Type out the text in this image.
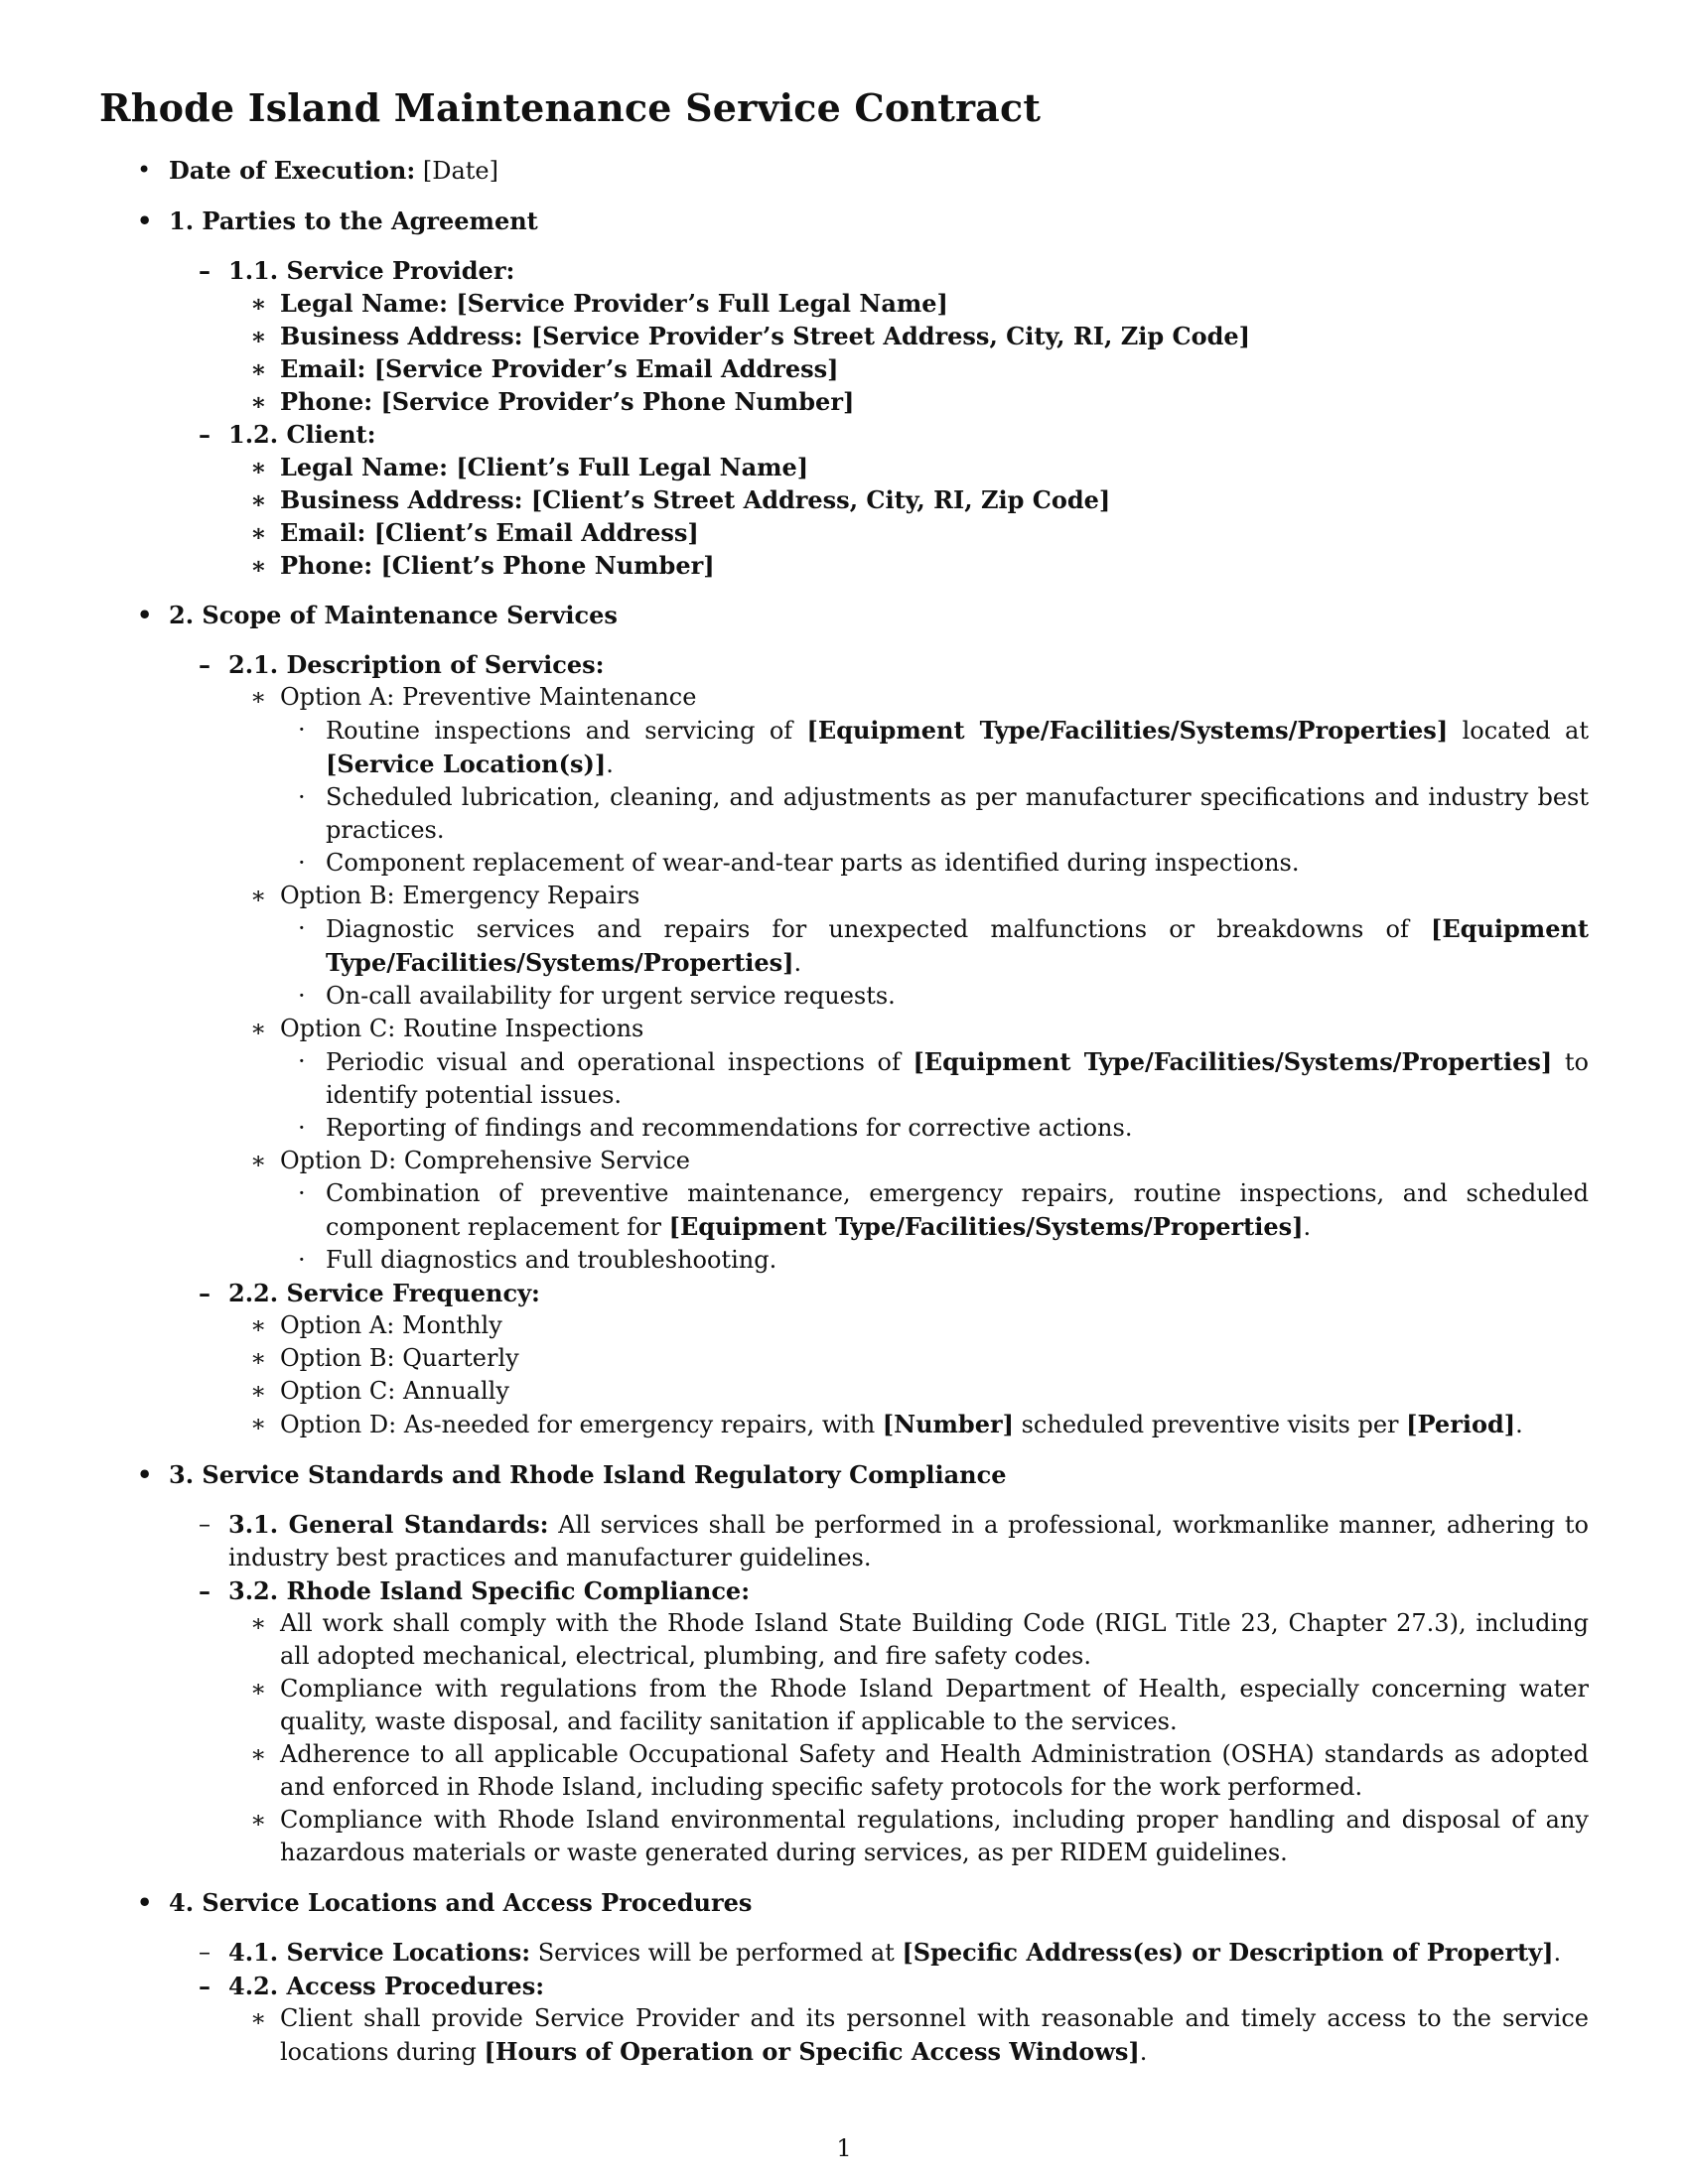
Rhode Island Maintenance Service Contract
• Date of Execution: [Date]
• 1. Parties to the Agreement
– 1.1. Service Provider:
∗ Legal Name: [Service Provider’s Full Legal Name]
∗ Business Address: [Service Provider’s Street Address, City, RI, Zip Code]
∗ Email: [Service Provider’s Email Address]
∗ Phone: [Service Provider’s Phone Number]
– 1.2. Client:
∗ Legal Name: [Client’s Full Legal Name]
∗ Business Address: [Client’s Street Address, City, RI, Zip Code]
∗ Email: [Client’s Email Address]
∗ Phone: [Client’s Phone Number]
• 2. Scope of Maintenance Services
– 2.1. Description of Services:
∗ Option A: Preventive Maintenance
· Routine inspections and servicing of [Equipment Type/Facilities/Systems/Properties] located at [Service Location(s)].
· Scheduled lubrication, cleaning, and adjustments as per manufacturer specifications and industry best practices.
· Component replacement of wear-and-tear parts as identified during inspections.
∗ Option B: Emergency Repairs
· Diagnostic services and repairs for unexpected malfunctions or breakdowns of [Equipment Type/Facilities/Systems/Properties].
· On-call availability for urgent service requests.
∗ Option C: Routine Inspections
· Periodic visual and operational inspections of [Equipment Type/Facilities/Systems/Properties] to identify potential issues.
· Reporting of findings and recommendations for corrective actions.
∗ Option D: Comprehensive Service
· Combination of preventive maintenance, emergency repairs, routine inspections, and scheduled component replacement for [Equipment Type/Facilities/Systems/Properties].
· Full diagnostics and troubleshooting.
– 2.2. Service Frequency:
∗ Option A: Monthly
∗ Option B: Quarterly
∗ Option C: Annually
∗ Option D: As-needed for emergency repairs, with [Number] scheduled preventive visits per [Period].
• 3. Service Standards and Rhode Island Regulatory Compliance
– 3.1. General Standards: All services shall be performed in a professional, workmanlike manner, adhering to industry best practices and manufacturer guidelines.
– 3.2. Rhode Island Specific Compliance:
∗ All work shall comply with the Rhode Island State Building Code (RIGL Title 23, Chapter 27.3), including all adopted mechanical, electrical, plumbing, and fire safety codes.
∗ Compliance with regulations from the Rhode Island Department of Health, especially concerning water quality, waste disposal, and facility sanitation if applicable to the services.
∗ Adherence to all applicable Occupational Safety and Health Administration (OSHA) standards as adopted and enforced in Rhode Island, including specific safety protocols for the work performed.
∗ Compliance with Rhode Island environmental regulations, including proper handling and disposal of any hazardous materials or waste generated during services, as per RIDEM guidelines.
• 4. Service Locations and Access Procedures
– 4.1. Service Locations: Services will be performed at [Specific Address(es) or Description of Property].
– 4.2. Access Procedures:
∗ Client shall provide Service Provider and its personnel with reasonable and timely access to the service locations during [Hours of Operation or Specific Access Windows].
1
